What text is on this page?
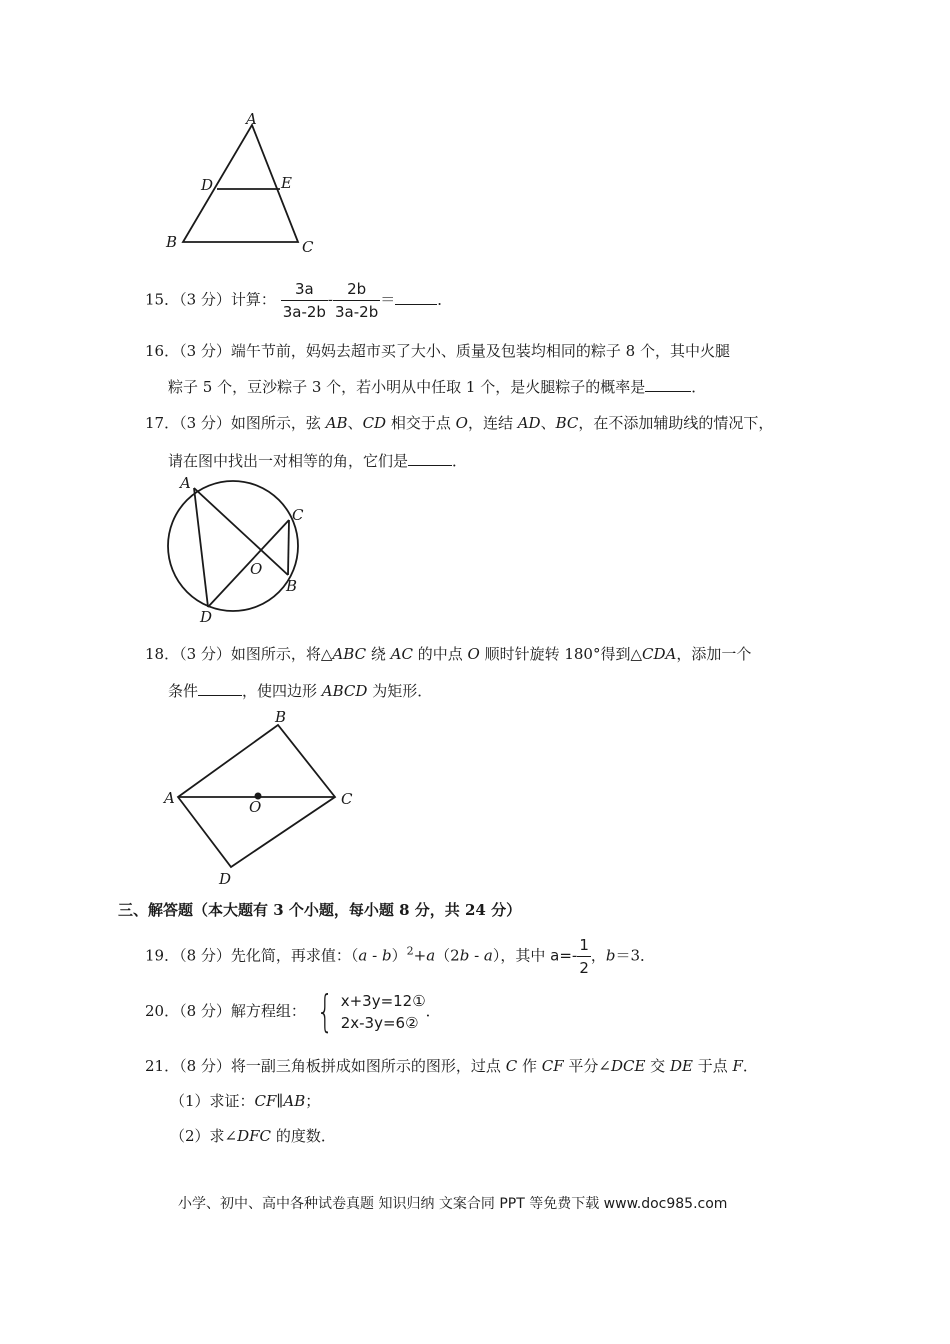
A
D	E
B	C
15．（3 分）计算： $\frac{3a}{3a-2b} - \frac{2b}{3a-2b}$ ＝	．
16．（3 分）端午节前，妈妈去超市买了大小、质量及包装均相同的粽子 8 个，其中火腿
粽子 5 个，豆沙粽子 3 个，若小明从中任取 1 个，是火腿粽子的概率是	．
17．（3 分）如图所示，弦 AB、CD 相交于点 O，连结 AD、BC，在不添加辅助线的情况下，
请在图中找出一对相等的角，它们是	．
A
C
O
B
D
18．（3 分）如图所示，将△ABC 绕 AC 的中点 O 顺时针旋转 180°得到△CDA，添加一个
条件	，使四边形 ABCD 为矩形．
B
A	O	C
D
三、解答题（本大题有 3 个小题，每小题 8 分，共 24 分）
19．（8 分）先化简，再求值：（a - b）$^2$+a（2b - a），其中 $a=- \frac{1}{2}$ ，b＝3．
20．（8 分）解方程组： { x+3y=12①
2x-3y=6②
．
21．（8 分）将一副三角板拼成如图所示的图形，过点 C 作 CF 平分∠DCE 交 DE 于点 F．
（1）求证：CF∥AB；
（2）求∠DFC 的度数．
小学、初中、高中各种试卷真题 知识归纳 文案合同 PPT 等免费下载 www.doc985.com
